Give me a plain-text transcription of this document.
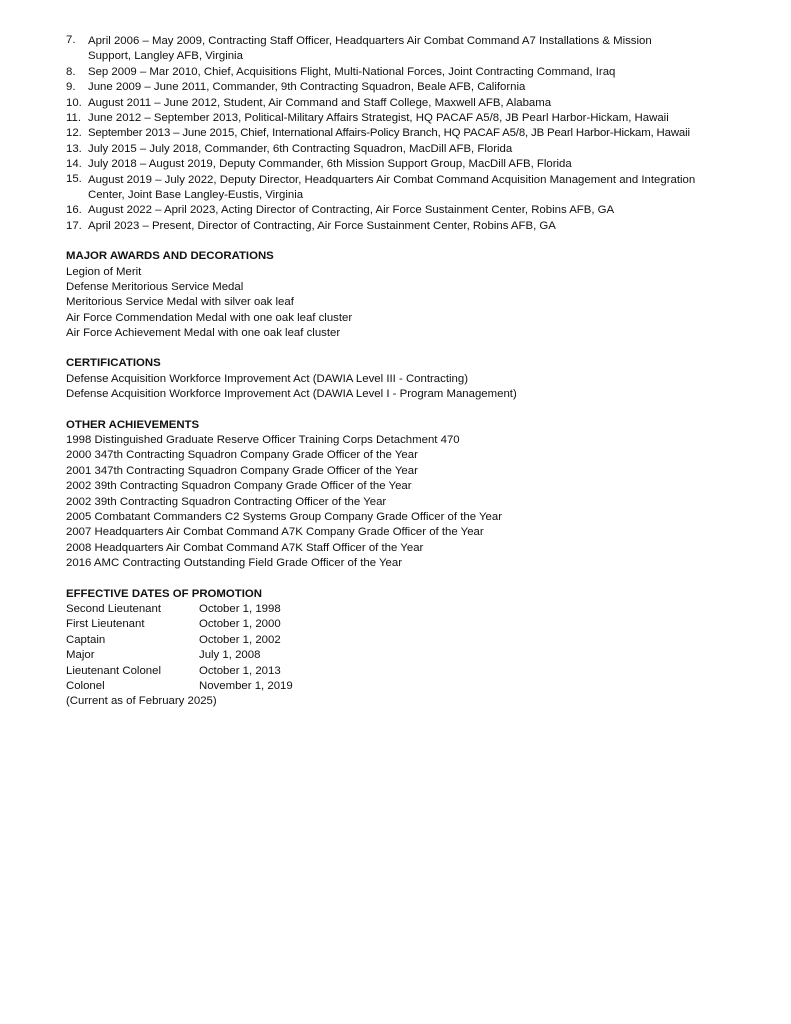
7.	April 2006 – May 2009, Contracting Staff Officer, Headquarters Air Combat Command A7 Installations & Mission Support, Langley AFB, Virginia
8.	Sep 2009 – Mar 2010, Chief, Acquisitions Flight, Multi-National Forces, Joint Contracting Command, Iraq
9.	June 2009 – June 2011, Commander, 9th Contracting Squadron, Beale AFB, California
10. August 2011 – June 2012, Student, Air Command and Staff College, Maxwell AFB, Alabama
11. June 2012 – September 2013, Political-Military Affairs Strategist, HQ PACAF A5/8, JB Pearl Harbor-Hickam, Hawaii
12. September 2013 – June 2015, Chief, International Affairs-Policy Branch, HQ PACAF A5/8, JB Pearl Harbor-Hickam, Hawaii
13. July 2015 – July 2018, Commander, 6th Contracting Squadron, MacDill AFB, Florida
14. July 2018 – August 2019, Deputy Commander, 6th Mission Support Group, MacDill AFB, Florida
15. August 2019 – July 2022, Deputy Director, Headquarters Air Combat Command Acquisition Management and Integration Center, Joint Base Langley-Eustis, Virginia
16. August 2022 – April 2023, Acting Director of Contracting, Air Force Sustainment Center, Robins AFB, GA
17. April 2023 – Present, Director of Contracting, Air Force Sustainment Center, Robins AFB, GA
MAJOR AWARDS AND DECORATIONS
Legion of Merit
Defense Meritorious Service Medal
Meritorious Service Medal with silver oak leaf
Air Force Commendation Medal with one oak leaf cluster
Air Force Achievement Medal with one oak leaf cluster
CERTIFICATIONS
Defense Acquisition Workforce Improvement Act (DAWIA Level III - Contracting)
Defense Acquisition Workforce Improvement Act (DAWIA Level I - Program Management)
OTHER ACHIEVEMENTS
1998 Distinguished Graduate Reserve Officer Training Corps Detachment 470
2000 347th Contracting Squadron Company Grade Officer of the Year
2001 347th Contracting Squadron Company Grade Officer of the Year
2002 39th Contracting Squadron Company Grade Officer of the Year
2002 39th Contracting Squadron Contracting Officer of the Year
2005 Combatant Commanders C2 Systems Group Company Grade Officer of the Year
2007 Headquarters Air Combat Command A7K Company Grade Officer of the Year
2008 Headquarters Air Combat Command A7K Staff Officer of the Year
2016 AMC Contracting Outstanding Field Grade Officer of the Year
EFFECTIVE DATES OF PROMOTION
Second Lieutenant	October 1, 1998
First Lieutenant	October 1, 2000
Captain	October 1, 2002
Major	July 1, 2008
Lieutenant Colonel	October 1, 2013
Colonel	November 1, 2019
(Current as of February 2025)
